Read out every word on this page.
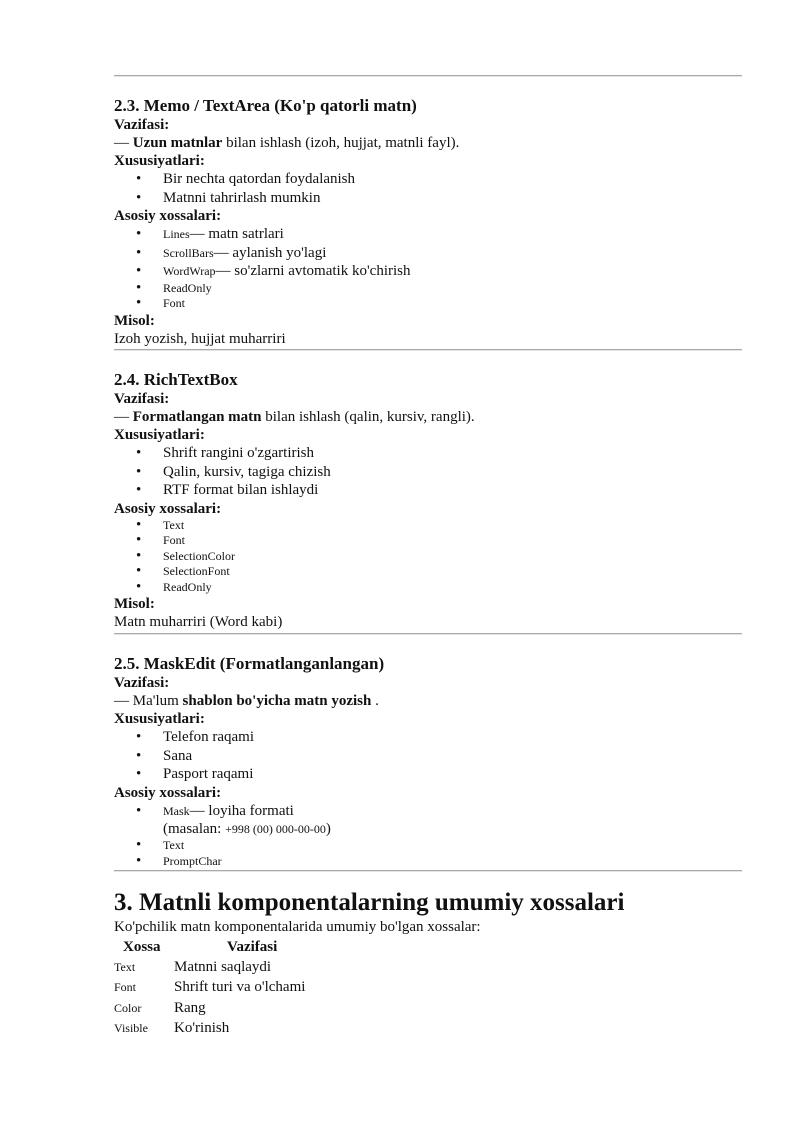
2.3. Memo / TextArea (Ko'p qatorli matn)
Vazifasi:
— Uzun matnlar bilan ishlash (izoh, hujjat, matnli fayl).
Xususiyatlari:
• Bir nechta qatordan foydalanish
• Matnni tahrirlash mumkin
Asosiy xossalari:
• Lines— matn satrlari
• ScrollBars— aylanish yo'lagi
• WordWrap— so'zlarni avtomatik ko'chirish
• ReadOnly
• Font
Misol:
Izoh yozish, hujjat muharriri
2.4. RichTextBox
Vazifasi:
— Formatlangan matn bilan ishlash (qalin, kursiv, rangli).
Xususiyatlari:
• Shrift rangini o'zgartirish
• Qalin, kursiv, tagiga chizish
• RTF format bilan ishlaydi
Asosiy xossalari:
• Text
• Font
• SelectionColor
• SelectionFont
• ReadOnly
Misol:
Matn muharriri (Word kabi)
2.5. MaskEdit (Formatlanganlangan)
Vazifasi:
— Ma'lum shablon bo'yicha matn yozish .
Xususiyatlari:
• Telefon raqami
• Sana
• Pasport raqami
Asosiy xossalari:
• Mask— loyiha formati
(masalan: +998 (00) 000-00-00)
• Text
• PromptChar
3. Matnli komponentalarning umumiy xossalari
Ko'pchilik matn komponentalarida umumiy bo'lgan xossalar:
Xossa	Vazifasi
Text	Matnni saqlaydi
Font	Shrift turi va o'lchami
Color	Rang
Visible	Ko'rinish
